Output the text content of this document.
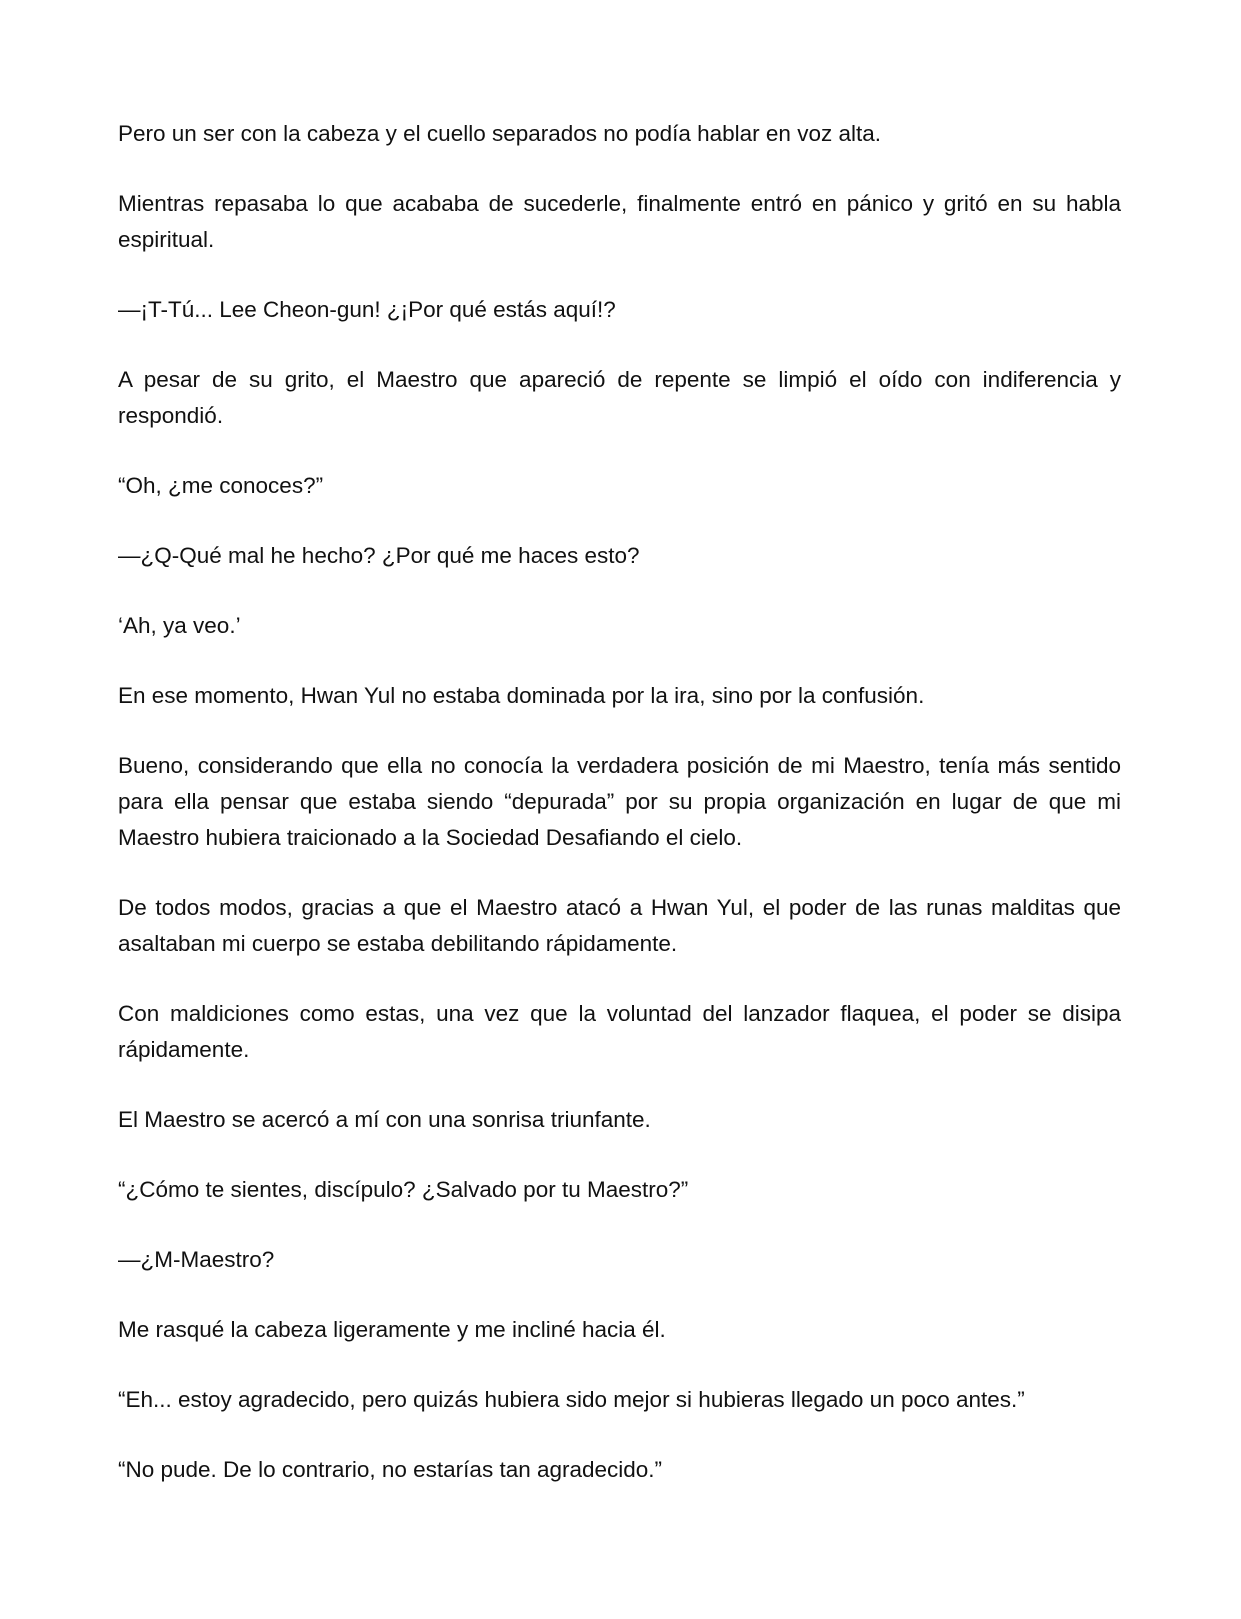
Pero un ser con la cabeza y el cuello separados no podía hablar en voz alta.

Mientras repasaba lo que acababa de sucederle, finalmente entró en pánico y gritó en su habla espiritual.

—¡T-Tú... Lee Cheon-gun! ¿¡Por qué estás aquí!?

A pesar de su grito, el Maestro que apareció de repente se limpió el oído con indiferencia y respondió.

“Oh, ¿me conoces?”

—¿Q-Qué mal he hecho? ¿Por qué me haces esto?

‘Ah, ya veo.’

En ese momento, Hwan Yul no estaba dominada por la ira, sino por la confusión.

Bueno, considerando que ella no conocía la verdadera posición de mi Maestro, tenía más sentido para ella pensar que estaba siendo “depurada” por su propia organización en lugar de que mi Maestro hubiera traicionado a la Sociedad Desafiando el cielo.

De todos modos, gracias a que el Maestro atacó a Hwan Yul, el poder de las runas malditas que asaltaban mi cuerpo se estaba debilitando rápidamente.

Con maldiciones como estas, una vez que la voluntad del lanzador flaquea, el poder se disipa rápidamente.

El Maestro se acercó a mí con una sonrisa triunfante.

“¿Cómo te sientes, discípulo? ¿Salvado por tu Maestro?”

—¿M-Maestro?

Me rasqué la cabeza ligeramente y me incliné hacia él.

“Eh... estoy agradecido, pero quizás hubiera sido mejor si hubieras llegado un poco antes.”

“No pude. De lo contrario, no estarías tan agradecido.”
